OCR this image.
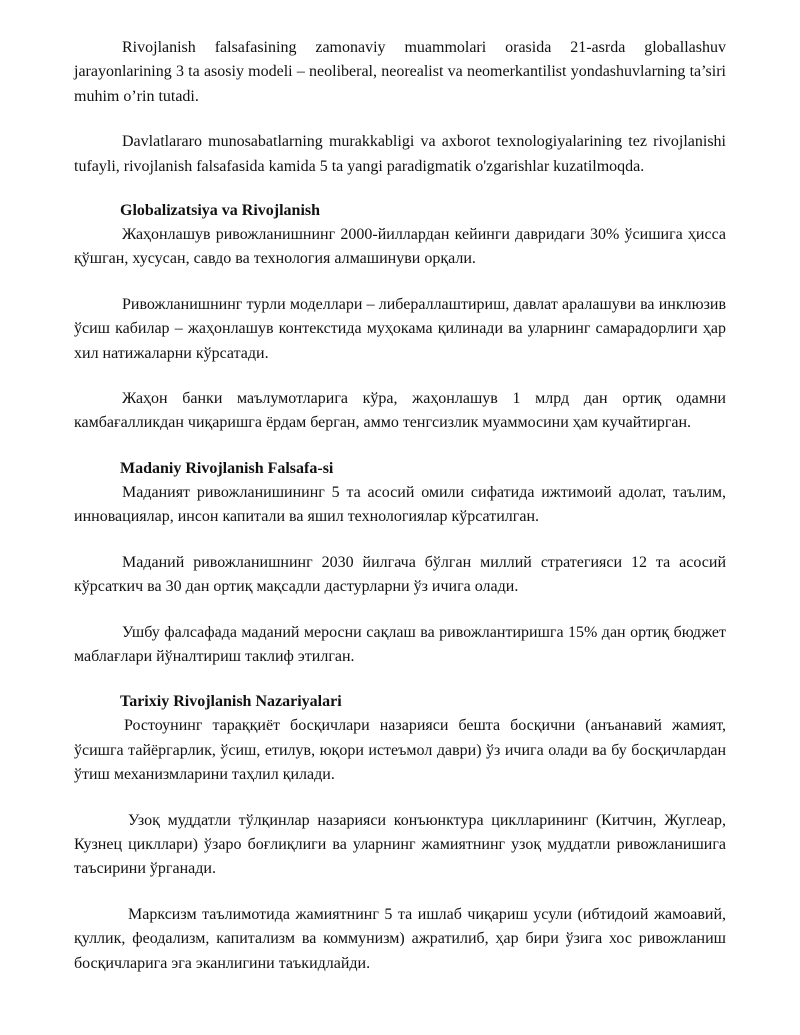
Rivojlanish falsafasining zamonaviy muammolari orasida 21-asrda globallashuv jarayonlarining 3 ta asosiy modeli – neoliberal, neorealist va neomerkantilist yondashuvlarning ta’siri muhim o’rin tutadi.

Davlatlararo munosabatlarning murakkabligi va axborot texnologiyalarining tez rivojlanishi tufayli, rivojlanish falsafasida kamida 5 ta yangi paradigmatik o'zgarishlar kuzatilmoqda.

Globalizatsiya va Rivojlanish

Жаҳонлашув ривожланишнинг 2000-йиллардан кейинги давридаги 30% ўсишига ҳисса қўшган, хусусан, савдо ва технология алмашинуви орқали.

Ривожланишнинг турли моделлари – либераллаштириш, давлат аралашуви ва инклюзив ўсиш кабилар – жаҳонлашув контекстида муҳокама қилинади ва уларнинг самарадорлиги ҳар хил натижаларни кўрсатади.

Жаҳон банки маълумотларига кўра, жаҳонлашув 1 млрд дан ортиқ одамни камбағалликдан чиқаришга ёрдам берган, аммо тенгсизлик муаммосини ҳам кучайтирган.

Madaniy Rivojlanish Falsafa-si

Маданият ривожланишининг 5 та асосий омили сифатида ижтимоий адолат, таълим, инновациялар, инсон капитали ва яшил технологиялар кўрсатилган.

Маданий ривожланишнинг 2030 йилгача бўлган миллий стратегияси 12 та асосий кўрсаткич ва 30 дан ортиқ мақсадли дастурларни ўз ичига олади.

Ушбу фалсафада маданий меросни сақлаш ва ривожлантиришга 15% дан ортиқ бюджет маблағлари йўналтириш таклиф этилган.

Tarixiy Rivojlanish Nazariyalari

Ростоунинг тараққиёт босқичлари назарияси бешта босқични (анъанавий жамият, ўсишга тайёргарлик, ўсиш, етилув, юқори истеъмол даври) ўз ичига олади ва бу босқичлардан ўтиш механизмларини таҳлил қилади.

Узоқ муддатли тўлқинлар назарияси конъюнктура циклларининг (Китчин, Жуглеар, Кузнец цикллари) ўзаро боғлиқлиги ва уларнинг жамиятнинг узоқ муддатли ривожланишига таъсирини ўрганади.

Марксизм таълимотида жамиятнинг 5 та ишлаб чиқариш усули (ибтидоий жамоавий, қуллик, феодализм, капитализм ва коммунизм) ажратилиб, ҳар бири ўзига хос ривожланиш босқичларига эга эканлигини таъкидлайди.
